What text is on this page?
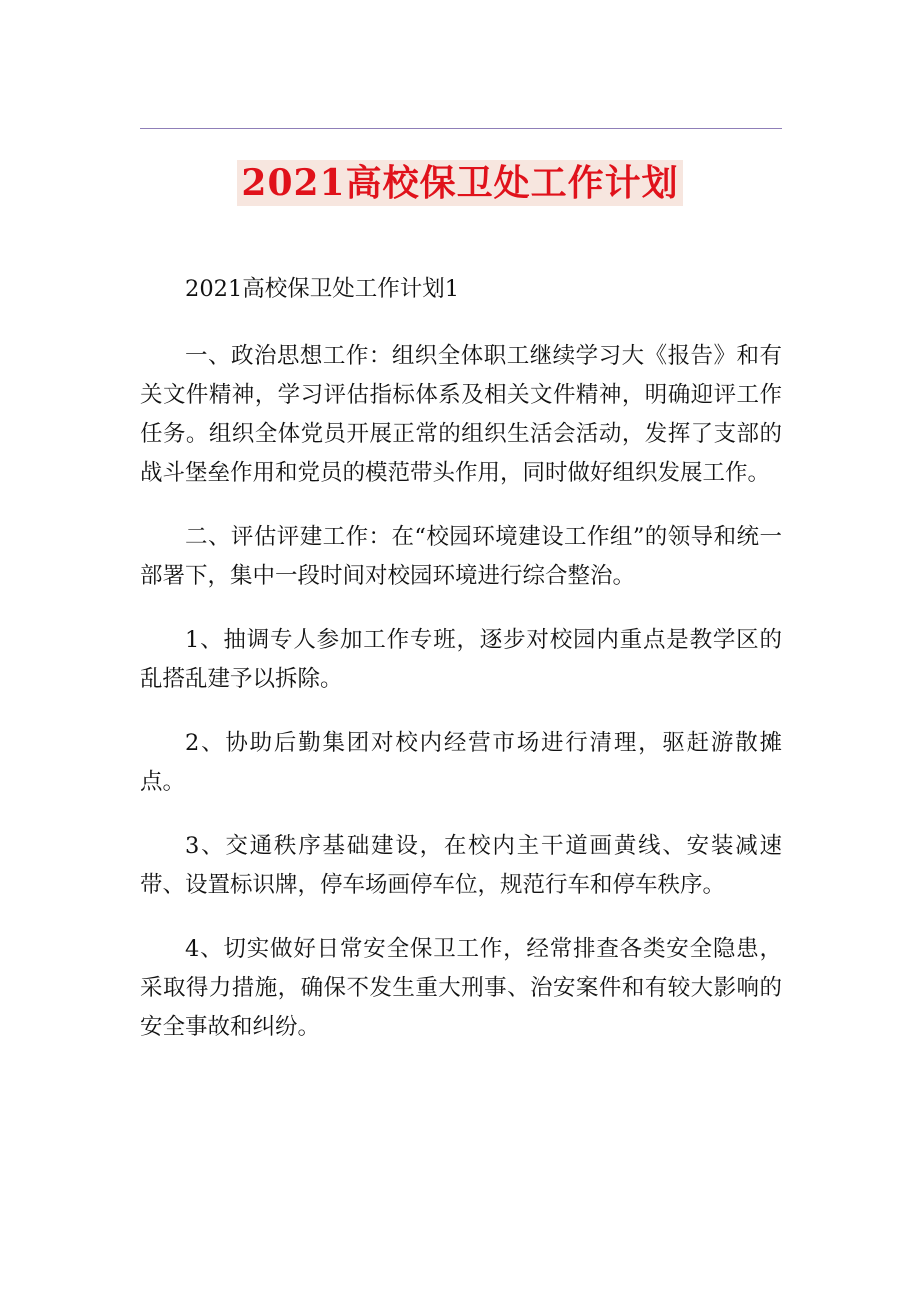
2021高校保卫处工作计划

2021高校保卫处工作计划1

一、政治思想工作：组织全体职工继续学习大《报告》和有关文件精神，学习评估指标体系及相关文件精神，明确迎评工作任务。组织全体党员开展正常的组织生活会活动，发挥了支部的战斗堡垒作用和党员的模范带头作用，同时做好组织发展工作。

二、评估评建工作：在“校园环境建设工作组”的领导和统一部署下，集中一段时间对校园环境进行综合整治。

1、抽调专人参加工作专班，逐步对校园内重点是教学区的乱搭乱建予以拆除。

2、协助后勤集团对校内经营市场进行清理，驱赶游散摊点。

3、交通秩序基础建设，在校内主干道画黄线、安装减速带、设置标识牌，停车场画停车位，规范行车和停车秩序。

4、切实做好日常安全保卫工作，经常排查各类安全隐患，采取得力措施，确保不发生重大刑事、治安案件和有较大影响的安全事故和纠纷。
